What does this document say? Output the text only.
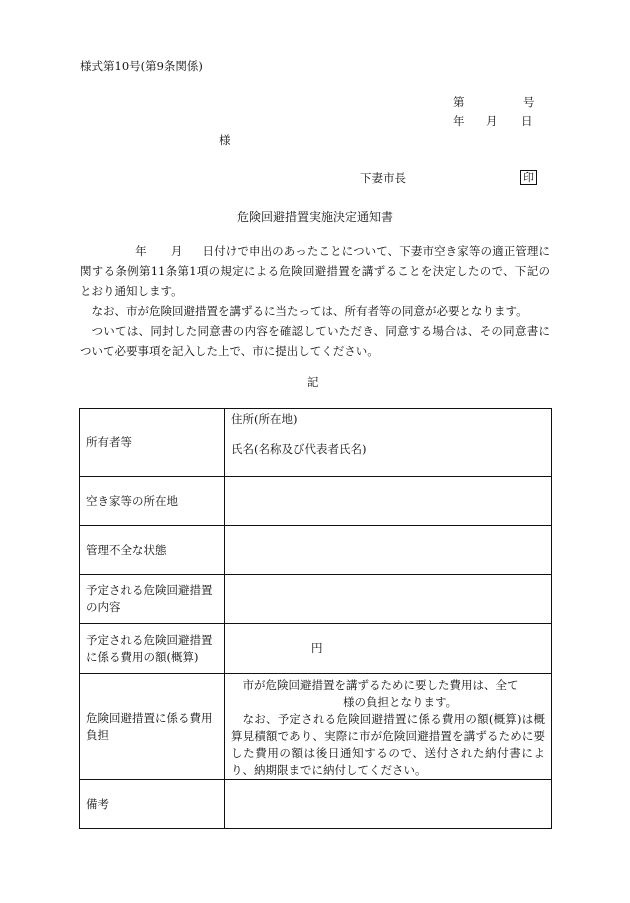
様式第10号(第9条関係)
第	号
年 月 日
様
下妻市長	印
危険回避措置実施決定通知書

年 月 日付けで申出のあったことについて、下妻市空き家等の適正管理に関する条例第11条第1項の規定による危険回避措置を講ずることを決定したので、下記のとおり通知します。

なお、市が危険回避措置を講ずるに当たっては、所有者等の同意が必要となります。

ついては、同封した同意書の内容を確認していただき、同意する場合は、その同意書について必要事項を記入した上で、市に提出してください。

記
所有者等	住所(所在地)
氏名(名称及び代表者氏名)

空き家等の所在地	
管理不全な状態	
予定される危険回避措置の内容	
予定される危険回避措置に係る費用の額(概算)	円
危険回避措置に係る費用負担	市が危険回避措置を講ずるために要した費用は、全て
様の負担となります。
なお、予定される危険回避措置に係る費用の額(概算)は概算見積額であり、実際に市が危険回避措置を講ずるために要した費用の額は後日通知するので、送付された納付書により、納期限までに納付してください。

備考	
